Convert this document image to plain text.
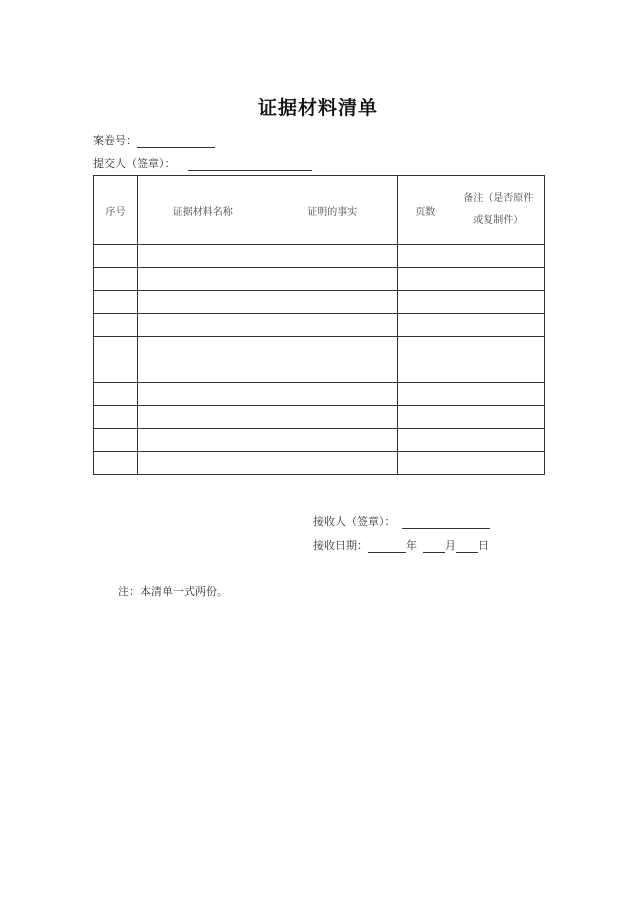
证据材料清单
案卷号：
提交人（签章）：
序号	证据材料名称	证明的事实	页数	备注（是否原件或复制件）

接收人（签章）：
接收日期：	年	月 日
注：本清单一式两份。
